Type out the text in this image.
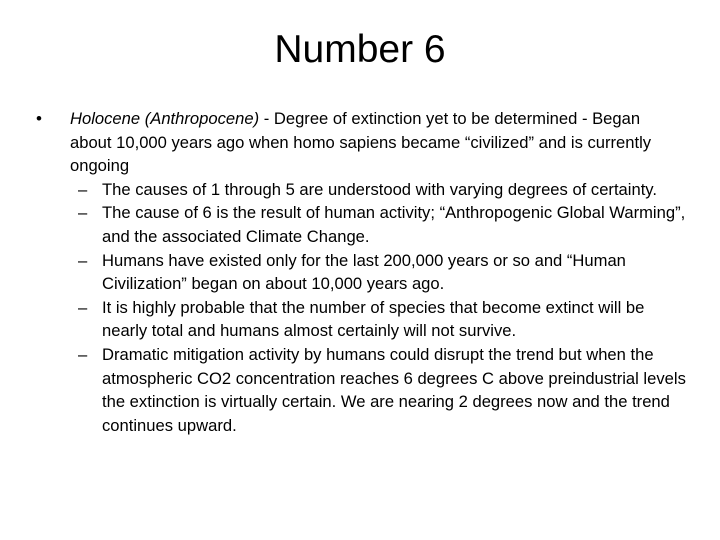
Number 6
• Holocene (Anthropocene) - Degree of extinction yet to be determined - Began about 10,000 years ago when homo sapiens became “civilized” and is currently ongoing
– The causes of 1 through 5 are understood with varying degrees of certainty.
– The cause of 6 is the result of human activity; “Anthropogenic Global Warming”, and the associated Climate Change.
– Humans have existed only for the last 200,000 years or so and “Human Civilization” began on about 10,000 years ago.
– It is highly probable that the number of species that become extinct will be nearly total and humans almost certainly will not survive.
– Dramatic mitigation activity by humans could disrupt the trend but when the atmospheric CO2 concentration reaches 6 degrees C above preindustrial levels the extinction is virtually certain. We are nearing 2 degrees now and the trend continues upward.
